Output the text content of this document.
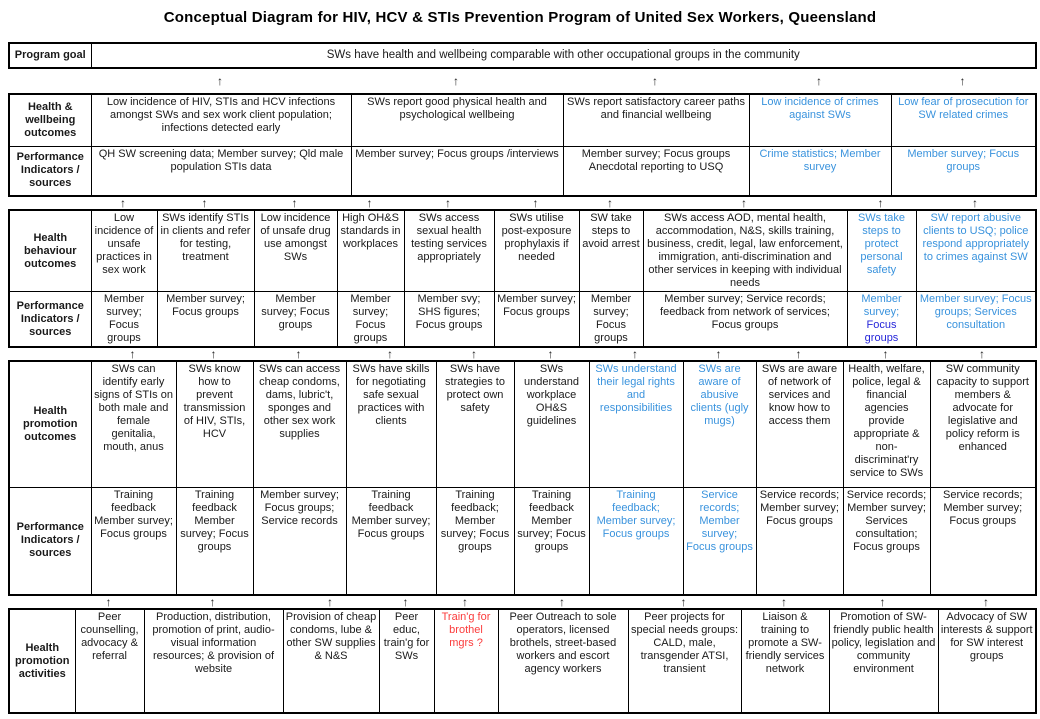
Conceptual Diagram for HIV, HCV & STIs Prevention Program of United Sex Workers, Queensland
Program goal	SWs have health and wellbeing comparable with other occupational groups in the community
	↑	↑	↑	↑	↑
Health & wellbeing outcomes	Low incidence of HIV, STIs and HCV infections amongst SWs and sex work client population; infections detected early	SWs report good physical health and psychological wellbeing	SWs report satisfactory career paths and financial wellbeing	Low incidence of crimes against SWs	Low fear of prosecution for SW related crimes
Performance Indicators / sources	QH SW screening data; Member survey; Qld male population STIs data	Member survey; Focus groups /interviews	Member survey; Focus groups Anecdotal reporting to USQ	Crime statistics; Member survey	Member survey; Focus groups
	↑	↑	↑	↑	↑	↑	↑	↑	↑	↑
Health behaviour outcomes	Low incidence of unsafe practices in sex work	SWs identify STIs in clients and refer for testing, treatment	Low incidence of unsafe drug use amongst SWs	High OH&S standards in workplaces	SWs access sexual health testing services appropriately	SWs utilise post-exposure prophylaxis if needed	SW take steps to avoid arrest	SWs access AOD, mental health, accommodation, N&S, skills training, business, credit, legal, law enforcement, immigration, anti-discrimination and other services in keeping with individual needs	SWs take steps to protect personal safety	SW report abusive clients to USQ; police respond appropriately to crimes against SW
Performance Indicators / sources	Member survey; Focus groups	Member survey; Focus groups	Member survey; Focus groups	Member survey; Focus groups	Member svy; SHS figures; Focus groups	Member survey; Focus groups	Member survey; Focus groups	Member survey; Service records; feedback from network of services; Focus groups	Member survey; Focus groups	Member survey; Focus groups; Services consultation
	↑	↑	↑	↑	↑	↑	↑	↑	↑	↑	↑
Health promotion outcomes	SWs can identify early signs of STIs on both male and female genitalia, mouth, anus	SWs know how to prevent transmission of HIV, STIs, HCV	SWs can access cheap condoms, dams, lubric't, sponges and other sex work supplies	SWs have skills for negotiating safe sexual practices with clients	SWs have strategies to protect own safety	SWs understand workplace OH&S guidelines	SWs understand their legal rights and responsibilities	SWs are aware of abusive clients (ugly mugs)	SWs are aware of network of services and know how to access them	Health, welfare, police, legal & financial agencies provide appropriate & non-discriminat'ry service to SWs	SW community capacity to support members & advocate for legislative and policy reform is enhanced
Performance Indicators / sources	Training feedback Member survey; Focus groups	Training feedback Member survey; Focus groups	Member survey; Focus groups; Service records	Training feedback Member survey; Focus groups	Training feedback; Member survey; Focus groups	Training feedback Member survey; Focus groups	Training feedback; Member survey; Focus groups	Service records; Member survey; Focus groups	Service records; Member survey; Focus groups	Service records; Member survey; Services consultation; Focus groups	Service records; Member survey; Focus groups
	↑	↑	↑	↑	↑	↑	↑	↑	↑	↑
Health promotion activities	Peer counselling, advocacy & referral	Production, distribution, promotion of print, audio-visual information resources; & provision of website	Provision of cheap condoms, lube & other SW supplies & N&S	Peer educ, train'g for SWs	Train'g for brothel mgrs ?	Peer Outreach to sole operators, licensed brothels, street-based workers and escort agency workers	Peer projects for special needs groups: CALD, male, transgender ATSI, transient	Liaison & training to promote a SW-friendly services network	Promotion of SW-friendly public health policy, legislation and community environment	Advocacy of SW interests & support for SW interest groups
